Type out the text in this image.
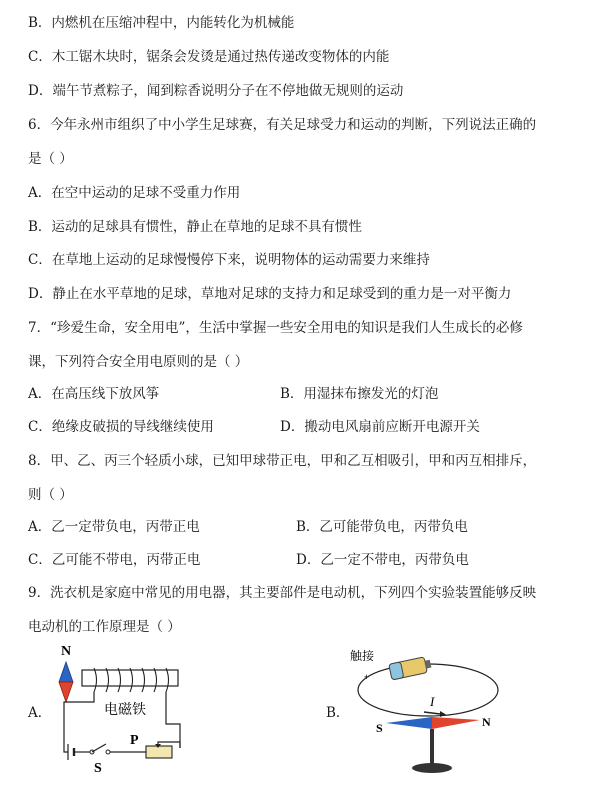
B．内燃机在压缩冲程中，内能转化为机械能
C．木工锯木块时，锯条会发烫是通过热传递改变物体的内能
D．端午节煮粽子，闻到粽香说明分子在不停地做无规则的运动
6．今年永州市组织了中小学生足球赛，有关足球受力和运动的判断，下列说法正确的
是（ ）
A．在空中运动的足球不受重力作用
B．运动的足球具有惯性，静止在草地的足球不具有惯性
C．在草地上运动的足球慢慢停下来，说明物体的运动需要力来维持
D．静止在水平草地的足球，草地对足球的支持力和足球受到的重力是一对平衡力
7．“珍爱生命，安全用电”，生活中掌握一些安全用电的知识是我们人生成长的必修
课，下列符合安全用电原则的是（ ）
A．在高压线下放风筝	B．用湿抹布擦发光的灯泡
C．绝缘皮破损的导线继续使用	D．搬动电风扇前应断开电源开关
8．甲、乙、丙三个轻质小球，已知甲球带正电，甲和乙互相吸引，甲和丙互相排斥，
则（ ）
A．乙一定带负电，丙带正电	B．乙可能带负电，丙带负电
C．乙可能不带电，丙带正电	D．乙一定不带电，丙带负电
9．洗衣机是家庭中常见的用电器，其主要部件是电动机，下列四个实验装置能够反映
电动机的工作原理是（ ）
A．	B．
N
电磁铁
S
P
触接
+
I
S	N
